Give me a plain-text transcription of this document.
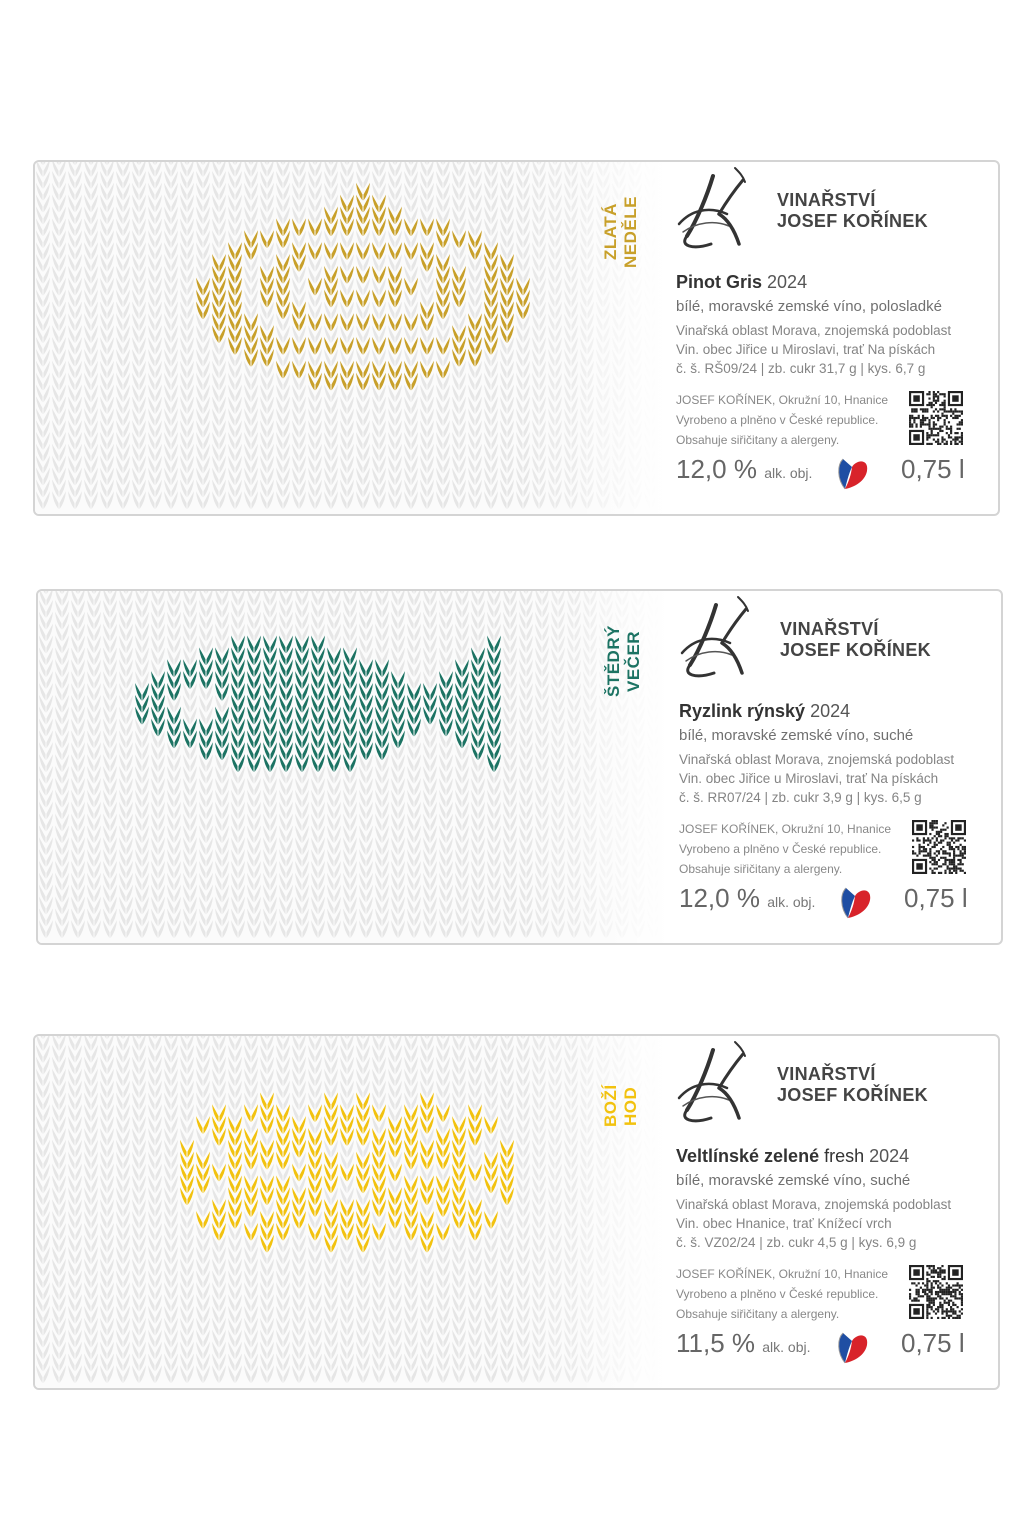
ZLATÁ NEDĚLE	VINAŘSTVÍ
JOSEF KOŘÍNEK
Pinot Gris 2024
bílé, moravské zemské víno, polosladké
Vinařská oblast Morava, znojemská podoblast
Vin. obec Jiřice u Miroslavi, trať Na pískách
č. š. RŠ09/24 | zb. cukr 31,7 g | kys. 6,7 g
JOSEF KOŘÍNEK, Okružní 10, Hnanice
Vyrobeno a plněno v České republice.
Obsahuje siřičitany a alergeny.
12,0 % alk. obj.	0,75 l
ŠTĚDRÝ VEČER
VINAŘSTVÍ
JOSEF KOŘÍNEK
Ryzlink rýnský 2024
bílé, moravské zemské víno, suché
Vinařská oblast Morava, znojemská podoblast
Vin. obec Jiřice u Miroslavi, trať Na pískách
č. š. RR07/24 | zb. cukr 3,9 g | kys. 6,5 g
JOSEF KOŘÍNEK, Okružní 10, Hnanice
Vyrobeno a plněno v České republice.
Obsahuje siřičitany a alergeny.
12,0 % alk. obj.	0,75 l
BOŽÍ HOD
VINAŘSTVÍ
JOSEF KOŘÍNEK
Veltlínské zelené fresh 2024
bílé, moravské zemské víno, suché
Vinařská oblast Morava, znojemská podoblast
Vin. obec Hnanice, trať Knížecí vrch
č. š. VZ02/24 | zb. cukr 4,5 g | kys. 6,9 g
JOSEF KOŘÍNEK, Okružní 10, Hnanice
Vyrobeno a plněno v České republice.
Obsahuje siřičitany a alergeny.
11,5 % alk. obj.	0,75 l
